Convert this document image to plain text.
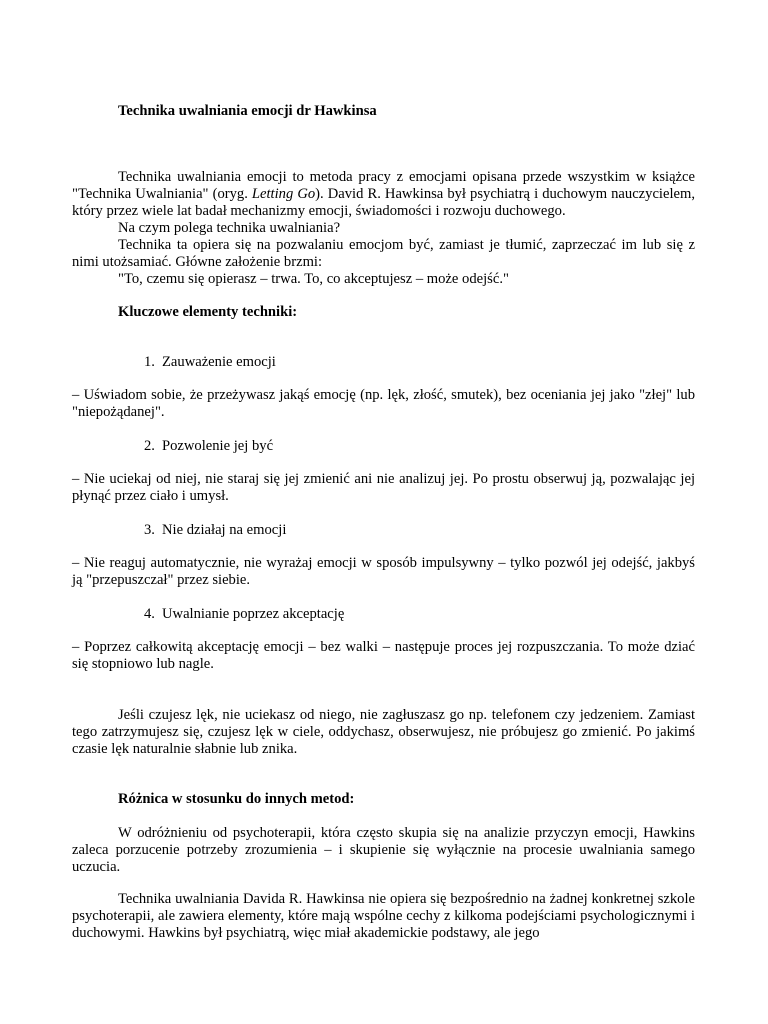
Technika uwalniania emocji dr Hawkinsa

Technika uwalniania emocji to metoda pracy z emocjami opisana przede wszystkim w książce "Technika Uwalniania" (oryg. Letting Go). David R. Hawkinsa był psychiatrą i duchowym nauczycielem, który przez wiele lat badał mechanizmy emocji, świadomości i rozwoju duchowego.

Na czym polega technika uwalniania?

Technika ta opiera się na pozwalaniu emocjom być, zamiast je tłumić, zaprzeczać im lub się z nimi utożsamiać. Główne założenie brzmi:

"To, czemu się opierasz – trwa. To, co akceptujesz – może odejść."

Kluczowe elementy techniki:

1. Zauważenie emocji

– Uświadom sobie, że przeżywasz jakąś emocję (np. lęk, złość, smutek), bez oceniania jej jako "złej" lub "niepożądanej".

2. Pozwolenie jej być

– Nie uciekaj od niej, nie staraj się jej zmienić ani nie analizuj jej. Po prostu obserwuj ją, pozwalając jej płynąć przez ciało i umysł.

3. Nie działaj na emocji

– Nie reaguj automatycznie, nie wyrażaj emocji w sposób impulsywny – tylko pozwól jej odejść, jakbyś ją "przepuszczał" przez siebie.

4. Uwalnianie poprzez akceptację

– Poprzez całkowitą akceptację emocji – bez walki – następuje proces jej rozpuszczania. To może dziać się stopniowo lub nagle.

Jeśli czujesz lęk, nie uciekasz od niego, nie zagłuszasz go np. telefonem czy jedzeniem. Zamiast tego zatrzymujesz się, czujesz lęk w ciele, oddychasz, obserwujesz, nie próbujesz go zmienić. Po jakimś czasie lęk naturalnie słabnie lub znika.

Różnica w stosunku do innych metod:

W odróżnieniu od psychoterapii, która często skupia się na analizie przyczyn emocji, Hawkins zaleca porzucenie potrzeby zrozumienia – i skupienie się wyłącznie na procesie uwalniania samego uczucia.

Technika uwalniania Davida R. Hawkinsa nie opiera się bezpośrednio na żadnej konkretnej szkole psychoterapii, ale zawiera elementy, które mają wspólne cechy z kilkoma podejściami psychologicznymi i duchowymi. Hawkins był psychiatrą, więc miał akademickie podstawy, ale jego
